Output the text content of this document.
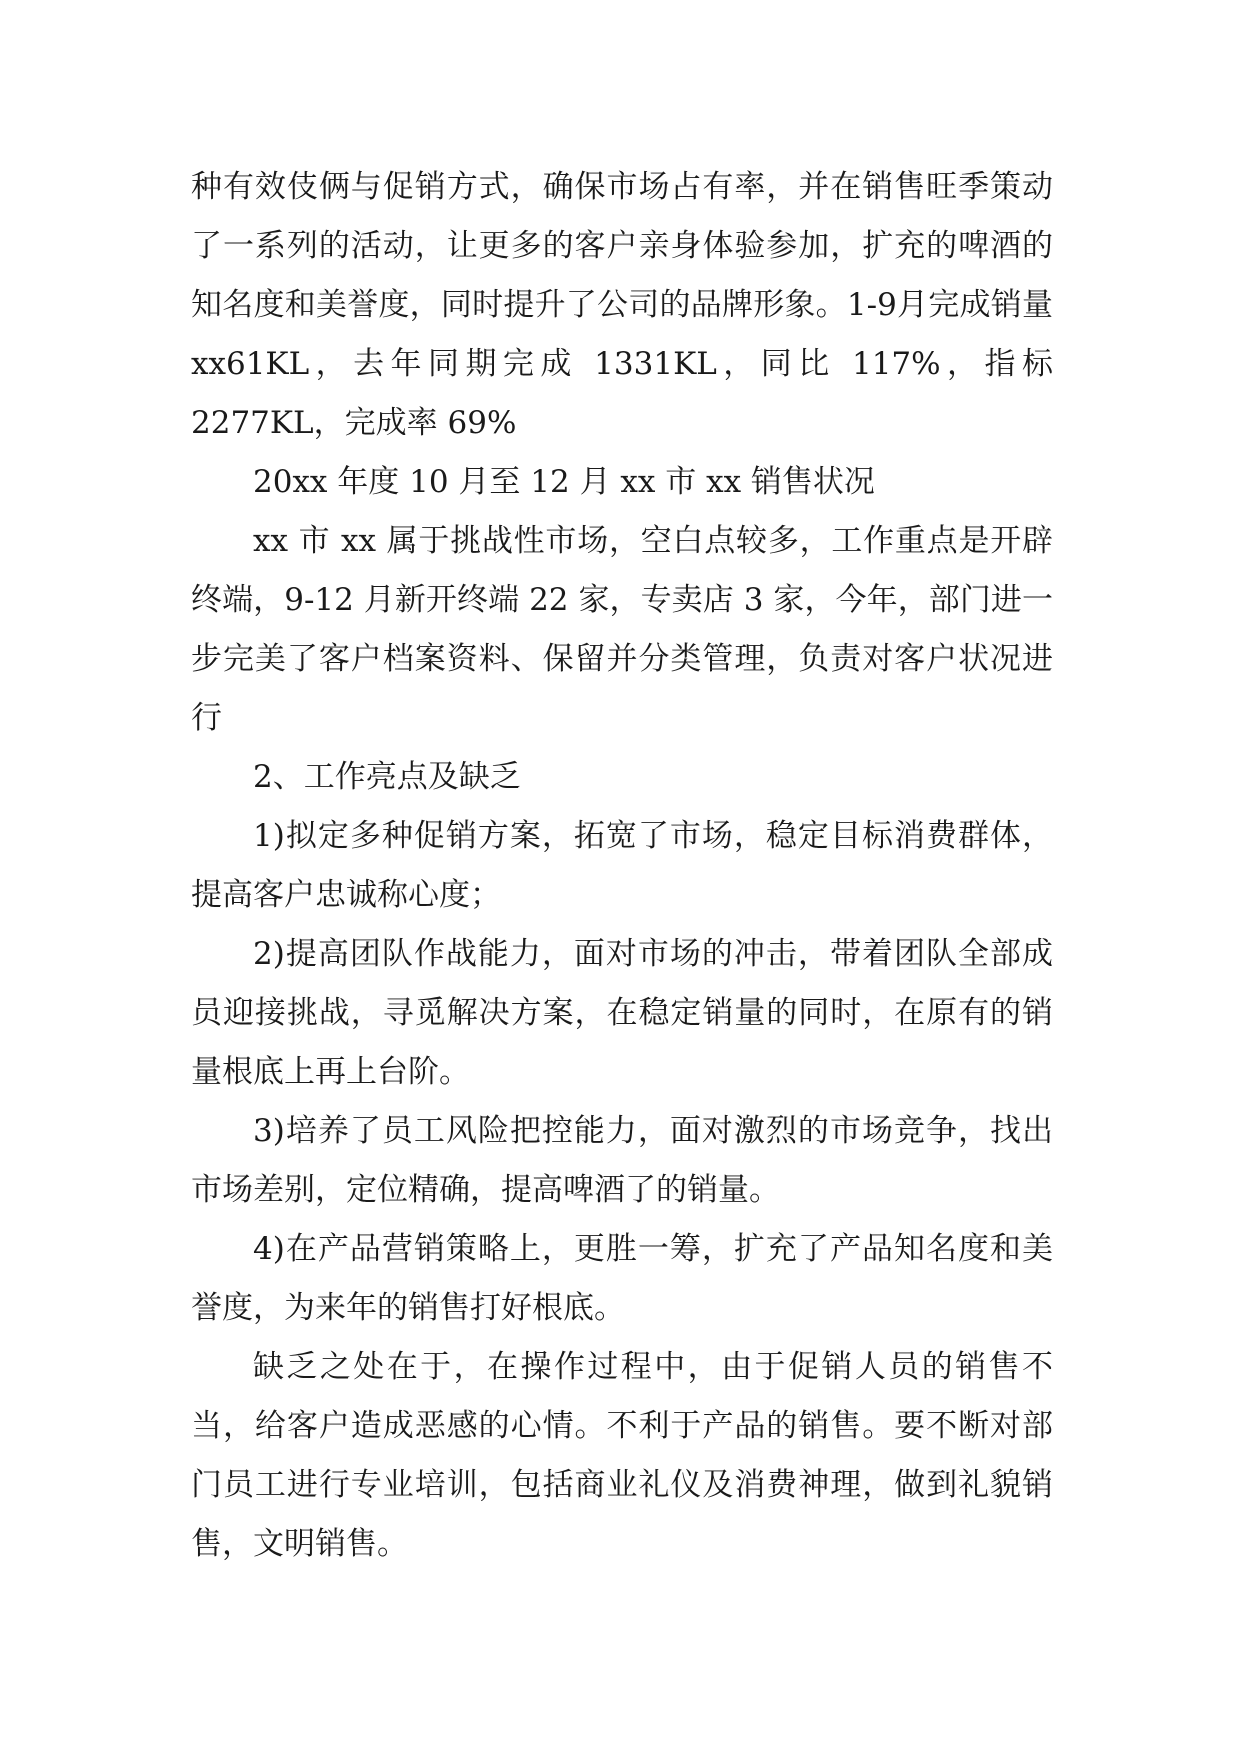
种有效伎俩与促销方式，确保市场占有率，并在销售旺季策动了一系列的活动，让更多的客户亲身体验参加，扩充的啤酒的知名度和美誉度，同时提升了公司的品牌形象。1-9月完成销量 xx61KL，去年同期完成 1331KL，同比 117%，指标 2277KL，完成率 69%

20xx 年度 10 月至 12 月 xx 市 xx 销售状况

xx 市 xx 属于挑战性市场，空白点较多，工作重点是开辟终端，9-12 月新开终端 22 家，专卖店 3 家，今年，部门进一步完美了客户档案资料、保留并分类管理，负责对客户状况进行

2、工作亮点及缺乏

1)拟定多种促销方案，拓宽了市场，稳定目标消费群体，提高客户忠诚称心度；

2)提高团队作战能力，面对市场的冲击，带着团队全部成员迎接挑战，寻觅解决方案，在稳定销量的同时，在原有的销量根底上再上台阶。

3)培养了员工风险把控能力，面对激烈的市场竞争，找出市场差别，定位精确，提高啤酒了的销量。

4)在产品营销策略上，更胜一筹，扩充了产品知名度和美誉度，为来年的销售打好根底。

缺乏之处在于，在操作过程中，由于促销人员的销售不当，给客户造成恶感的心情。不利于产品的销售。要不断对部门员工进行专业培训，包括商业礼仪及消费神理，做到礼貌销售，文明销售。
